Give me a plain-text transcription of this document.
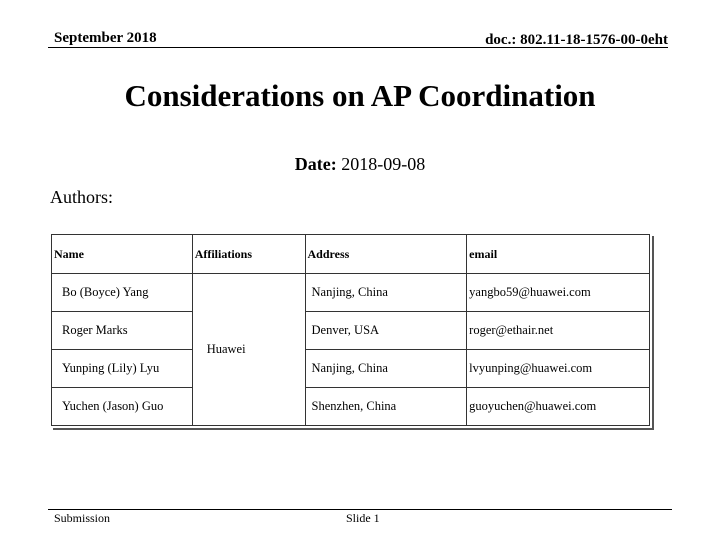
September 2018	doc.: 802.11-18-1576-00-0eht
Considerations on AP Coordination
Date: 2018-09-08
Authors:
Name	Affiliations	Address	email
Bo (Boyce) Yang	Huawei	Nanjing, China	yangbo59@huawei.com
Roger Marks		Denver, USA	roger@ethair.net
Yunping (Lily) Lyu		Nanjing, China	lvyunping@huawei.com
Yuchen (Jason) Guo		Shenzhen, China	guoyuchen@huawei.com
Submission	Slide 1
